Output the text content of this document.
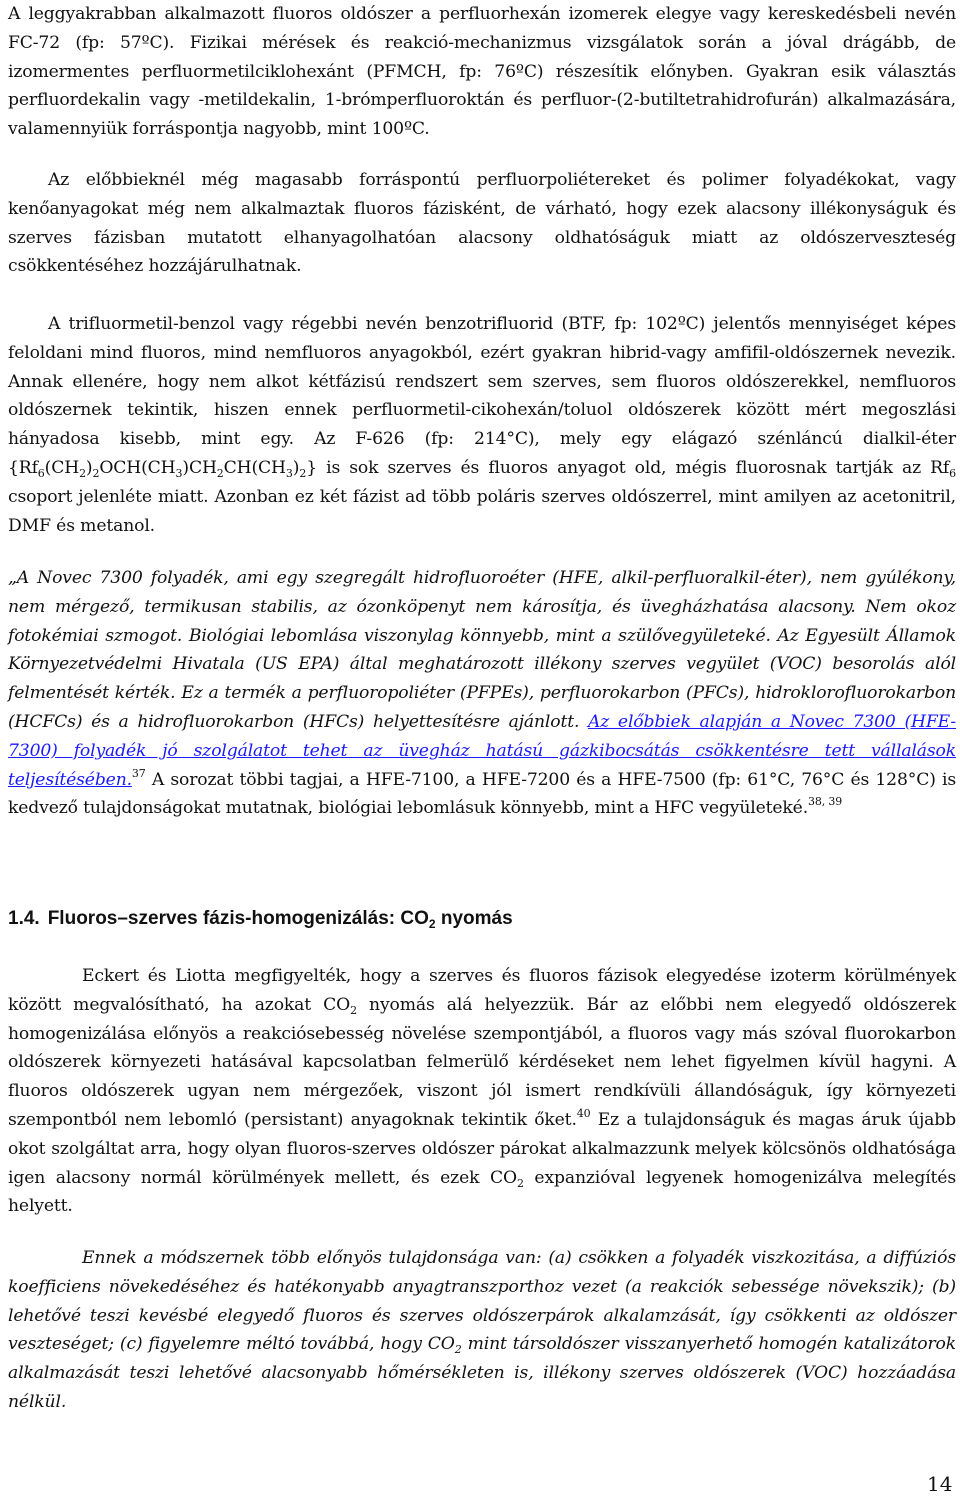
A leggyakrabban alkalmazott fluoros oldószer a perfluorhexán izomerek elegye vagy kereskedésbeli nevén FC-72 (fp: 57ºC). Fizikai mérések és reakció-mechanizmus vizsgálatok során a jóval drágább, de izomermentes perfluormetilciklohexánt (PFMCH, fp: 76ºC) részesítik előnyben. Gyakran esik választás perfluordekalin vagy -metildekalin, 1-brómperfluoroktán és perfluor-(2-butiltetrahidrofurán) alkalmazására, valamennyiük forráspontja nagyobb, mint 100ºC.

Az előbbieknél még magasabb forráspontú perfluorpoliétereket és polimer folyadékokat, vagy kenőanyagokat még nem alkalmaztak fluoros fázisként, de várható, hogy ezek alacsony illékonyságuk és szerves fázisban mutatott elhanyagolhatóan alacsony oldhatóságuk miatt az oldószerveszteség csökkentéséhez hozzájárulhatnak.

A trifluormetil-benzol vagy régebbi nevén benzotrifluorid (BTF, fp: 102ºC) jelentős mennyiséget képes feloldani mind fluoros, mind nemfluoros anyagokból, ezért gyakran hibrid-vagy amfifil-oldószernek nevezik. Annak ellenére, hogy nem alkot kétfázisú rendszert sem szerves, sem fluoros oldószerekkel, nemfluoros oldószernek tekintik, hiszen ennek perfluormetil-cikohexán/toluol oldószerek között mért megoszlási hányadosa kisebb, mint egy. Az F-626 (fp: 214°C), mely egy elágazó szénláncú dialkil-éter $\{Rf_6(CH_2)_2OCH(CH_3)CH_2CH(CH_3)_2\}$ is sok szerves és fluoros anyagot old, mégis fluorosnak tartják az $Rf_6$ csoport jelenléte miatt. Azonban ez két fázist ad több poláris szerves oldószerrel, mint amilyen az acetonitril, DMF és metanol.

„A Novec 7300 folyadék, ami egy szegregált hidrofluoroéter (HFE, alkil-perfluoralkil-éter), nem gyúlékony, nem mérgező, termikusan stabilis, az ózonköpenyt nem károsítja, és üvegházhatása alacsony. Nem okoz fotokémiai szmogot. Biológiai lebomlása viszonylag könnyebb, mint a szülővegyületeké. Az Egyesült Államok Környezetvédelmi Hivatala (US EPA) által meghatározott illékony szerves vegyület (VOC) besorolás alól felmentését kérték. Ez a termék a perfluoropoliéter (PFPEs), perfluorokarbon (PFCs), hidroklorofluorokarbon (HCFCs) és a hidrofluorokarbon (HFCs) helyettesítésre ajánlott. Az előbbiek alapján a Novec 7300 (HFE-7300) folyadék jó szolgálatot tehet az üvegház hatású gázkibocsátás csökkentésre tett vállalások teljesítésében.$^{37}$ A sorozat többi tagjai, a HFE-7100, a HFE-7200 és a HFE-7500 (fp: 61°C, 76°C és 128°C) is kedvező tulajdonságokat mutatnak, biológiai lebomlásuk könnyebb, mint a HFC vegyületeké.$^{38, 39}$

1.4. Fluoros–szerves fázis-homogenizálás: $CO_2$ nyomás

Eckert és Liotta megfigyelték, hogy a szerves és fluoros fázisok elegyedése izoterm körülmények között megvalósítható, ha azokat $CO_2$ nyomás alá helyezzük. Bár az előbbi nem elegyedő oldószerek homogenizálása előnyös a reakciósebesség növelése szempontjából, a fluoros vagy más szóval fluorokarbon oldószerek környezeti hatásával kapcsolatban felmerülő kérdéseket nem lehet figyelmen kívül hagyni. A fluoros oldószerek ugyan nem mérgezőek, viszont jól ismert rendkívüli állandóságuk, így környezeti szempontból nem lebomló (persistant) anyagoknak tekintik őket.$^{40}$ Ez a tulajdonságuk és magas áruk újabb okot szolgáltat arra, hogy olyan fluoros-szerves oldószer párokat alkalmazzunk melyek kölcsönös oldhatósága igen alacsony normál körülmények mellett, és ezek $CO_2$ expanzióval legyenek homogenizálva melegítés helyett.

Ennek a módszernek több előnyös tulajdonsága van: (a) csökken a folyadék viszkozitása, a diffúziós koefficiens növekedéséhez és hatékonyabb anyagtranszporthoz vezet (a reakciók sebessége növekszik); (b) lehetővé teszi kevésbé elegyedő fluoros és szerves oldószerpárok alkalamzását, így csökkenti az oldószer veszteséget; (c) figyelemre méltó továbbá, hogy $CO_2$ mint társoldószer visszanyerhető homogén katalizátorok alkalmazását teszi lehetővé alacsonyabb hőmérsékleten is, illékony szerves oldószerek (VOC) hozzáadása nélkül.

14
